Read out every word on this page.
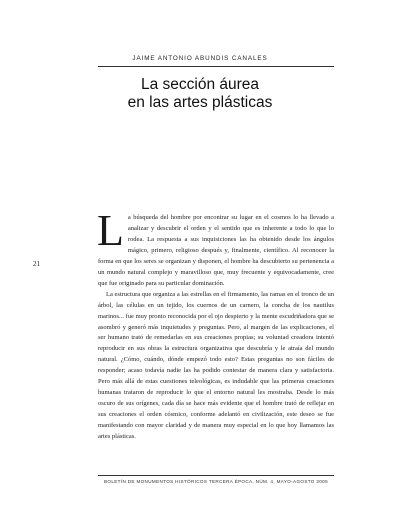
JAIME ANTONIO ABUNDIS CANALES
La sección áurea
en las artes plásticas
21

La búsqueda del hombre por encontrar su lugar en el cosmos lo ha llevado a analizar y descubrir el orden y el sentido que es inherente a todo lo que lo rodea. La respuesta a sus inquisiciones las ha obtenido desde los ángulos mágico, primero, religioso después y, finalmente, científico. Al reconocer la forma en que los seres se organizan y disponen, el hombre ha descubierto su pertenencia a un mundo natural complejo y maravilloso que, muy frecuente y equivocadamente, cree que fue originado para su particular dominación.

La estructura que organiza a las estrellas en el firmamento, las ramas en el tronco de un árbol, las células en un tejido, los cuernos de un carnero, la concha de los nautilus marinos... fue muy pronto reconocida por el ojo despierto y la mente escudriñadora que se asombró y generó más inquietudes y preguntas. Pero, al margen de las explicaciones, el ser humano trató de remedarlas en sus creaciones propias; su voluntad creadora intentó reproducir en sus obras la estructura organizativa que descubría y le atraía del mundo natural. ¿Cómo, cuándo, dónde empezó todo esto? Estas preguntas no son fáciles de responder; acaso todavía nadie las ha podido contestar de manera clara y satisfactoria. Pero más allá de estas cuestiones teleológicas, es indudable que las primeras creaciones humanas trataron de reproducir lo que el entorno natural les mostraba. Desde lo más oscuro de sus orígenes, cada día se hace más evidente que el hombre trató de reflejar en sus creaciones el orden cósmico, conforme adelantó en civilización, este deseo se fue manifestando con mayor claridad y de manera muy especial en lo que hoy llamamos las artes plásticas.

BOLETÍN DE MONUMENTOS HISTÓRICOS TERCERA ÉPOCA, NÚM. 4, MAYO-AGOSTO 2005
